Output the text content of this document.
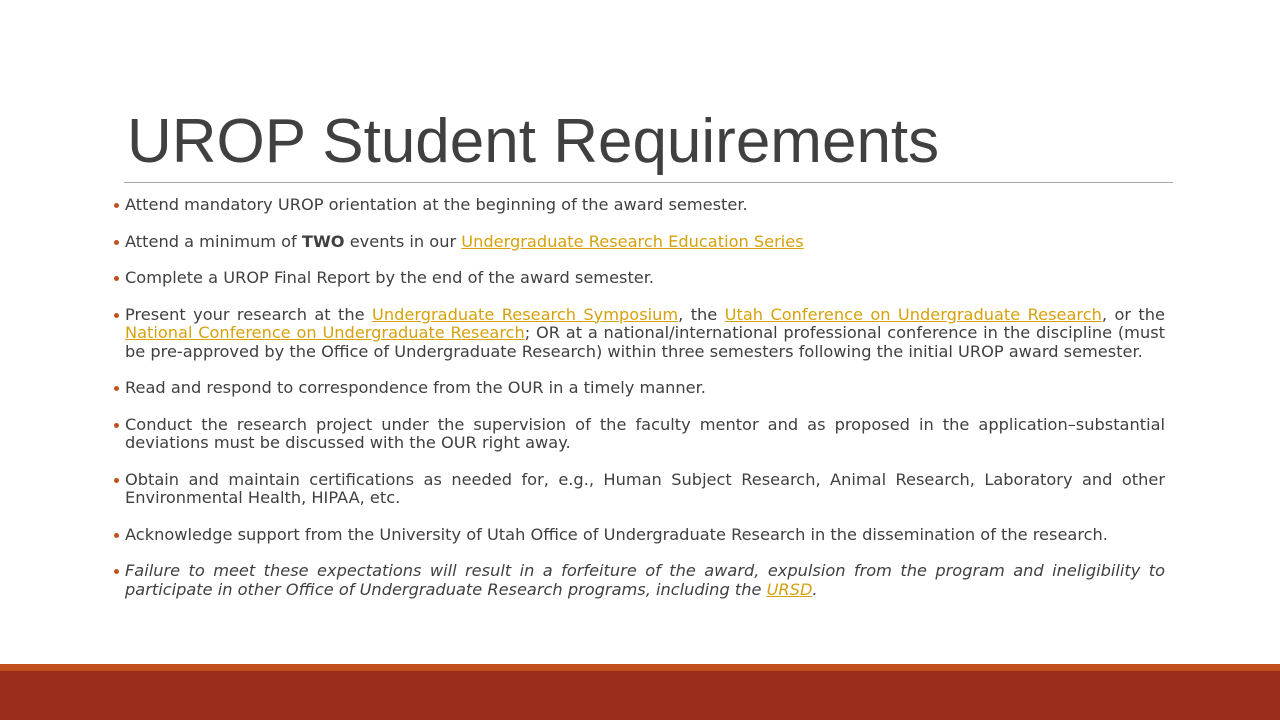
UROP Student Requirements
Attend mandatory UROP orientation at the beginning of the award semester.
Attend a minimum of TWO events in our Undergraduate Research Education Series
Complete a UROP Final Report by the end of the award semester.
Present your research at the Undergraduate Research Symposium, the Utah Conference on Undergraduate Research, or the National Conference on Undergraduate Research; OR at a national/international professional conference in the discipline (must be pre-approved by the Office of Undergraduate Research) within three semesters following the initial UROP award semester.
Read and respond to correspondence from the OUR in a timely manner.
Conduct the research project under the supervision of the faculty mentor and as proposed in the application–substantial deviations must be discussed with the OUR right away.
Obtain and maintain certifications as needed for, e.g., Human Subject Research, Animal Research, Laboratory and other Environmental Health, HIPAA, etc.
Acknowledge support from the University of Utah Office of Undergraduate Research in the dissemination of the research.
Failure to meet these expectations will result in a forfeiture of the award, expulsion from the program and ineligibility to participate in other Office of Undergraduate Research programs, including the URSD.
